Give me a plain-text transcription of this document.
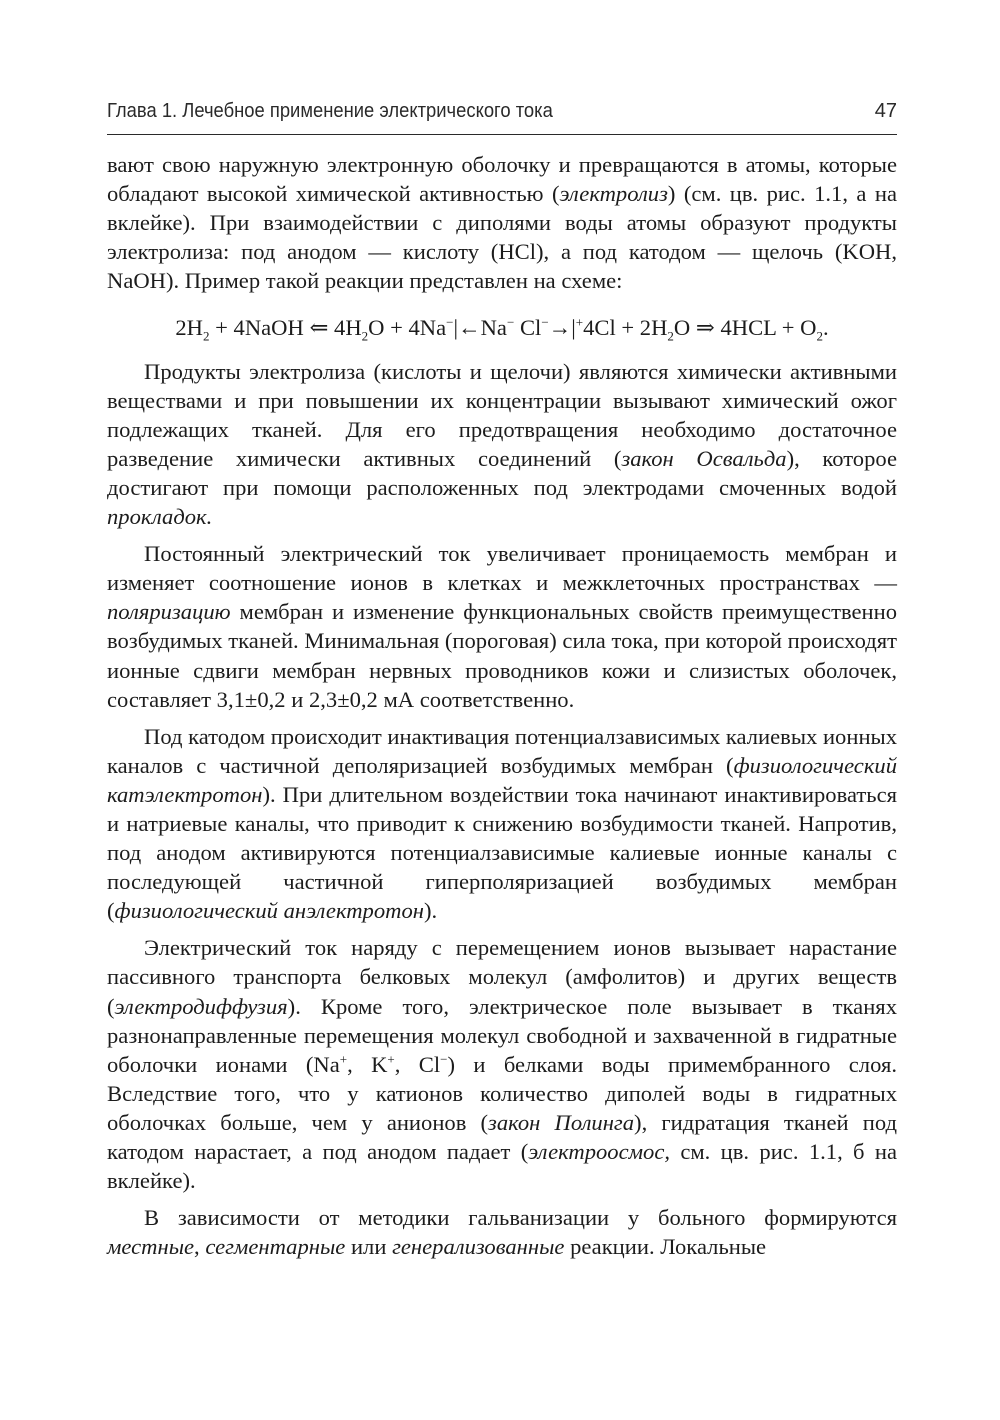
Глава 1. Лечебное применение электрического тока	47

вают свою наружную электронную оболочку и превращаются в атомы, которые обладают высокой химической активностью (электролиз) (см. цв. рис. 1.1, а на вклейке). При взаимодействии с диполями воды атомы образуют продукты электролиза: под анодом — кислоту (HCl), а под катодом — щелочь (KOH, NaOH). Пример такой реакции представлен на схеме:

$2H_2$ + 4NaOH ⇐ $4H_2O$ + 4Na−|←Na− $Cl^-\to|^+4Cl + 2H_2O$ ⇒ $4HCL + O_2$.

Продукты электролиза (кислоты и щелочи) являются химически активными веществами и при повышении их концентрации вызывают химический ожог подлежащих тканей. Для его предотвращения необходимо достаточное разведение химически активных соединений (закон Освальда), которое достигают при помощи расположенных под электродами смоченных водой прокладок.

Постоянный электрический ток увеличивает проницаемость мембран и изменяет соотношение ионов в клетках и межклеточных пространствах — поляризацию мембран и изменение функциональных свойств преимущественно возбудимых тканей. Минимальная (пороговая) сила тока, при которой происходят ионные сдвиги мембран нервных проводников кожи и слизистых оболочек, составляет 3,1±0,2 и 2,3±0,2 мА соответственно.

Под катодом происходит инактивация потенциалзависимых калиевых ионных каналов с частичной деполяризацией возбудимых мембран (физиологический катэлектротон). При длительном воздействии тока начинают инактивироваться и натриевые каналы, что приводит к снижению возбудимости тканей. Напротив, под анодом активируются потенциалзависимые калиевые ионные каналы с последующей частичной гиперполяризацией возбудимых мембран (физиологический анэлектротон).

Электрический ток наряду с перемещением ионов вызывает нарастание пассивного транспорта белковых молекул (амфолитов) и других веществ (электродиффузия). Кроме того, электрическое поле вызывает в тканях разнонаправленные перемещения молекул свободной и захваченной в гидратные оболочки ионами (Na+, K+, Cl−) и белками воды примембранного слоя. Вследствие того, что у катионов количество диполей воды в гидратных оболочках больше, чем у анионов (закон Полинга), гидратация тканей под катодом нарастает, а под анодом падает (электроосмос, см. цв. рис. 1.1, б на вклейке).

В зависимости от методики гальванизации у больного формируются местные, сегментарные или генерализованные реакции. Локальные
